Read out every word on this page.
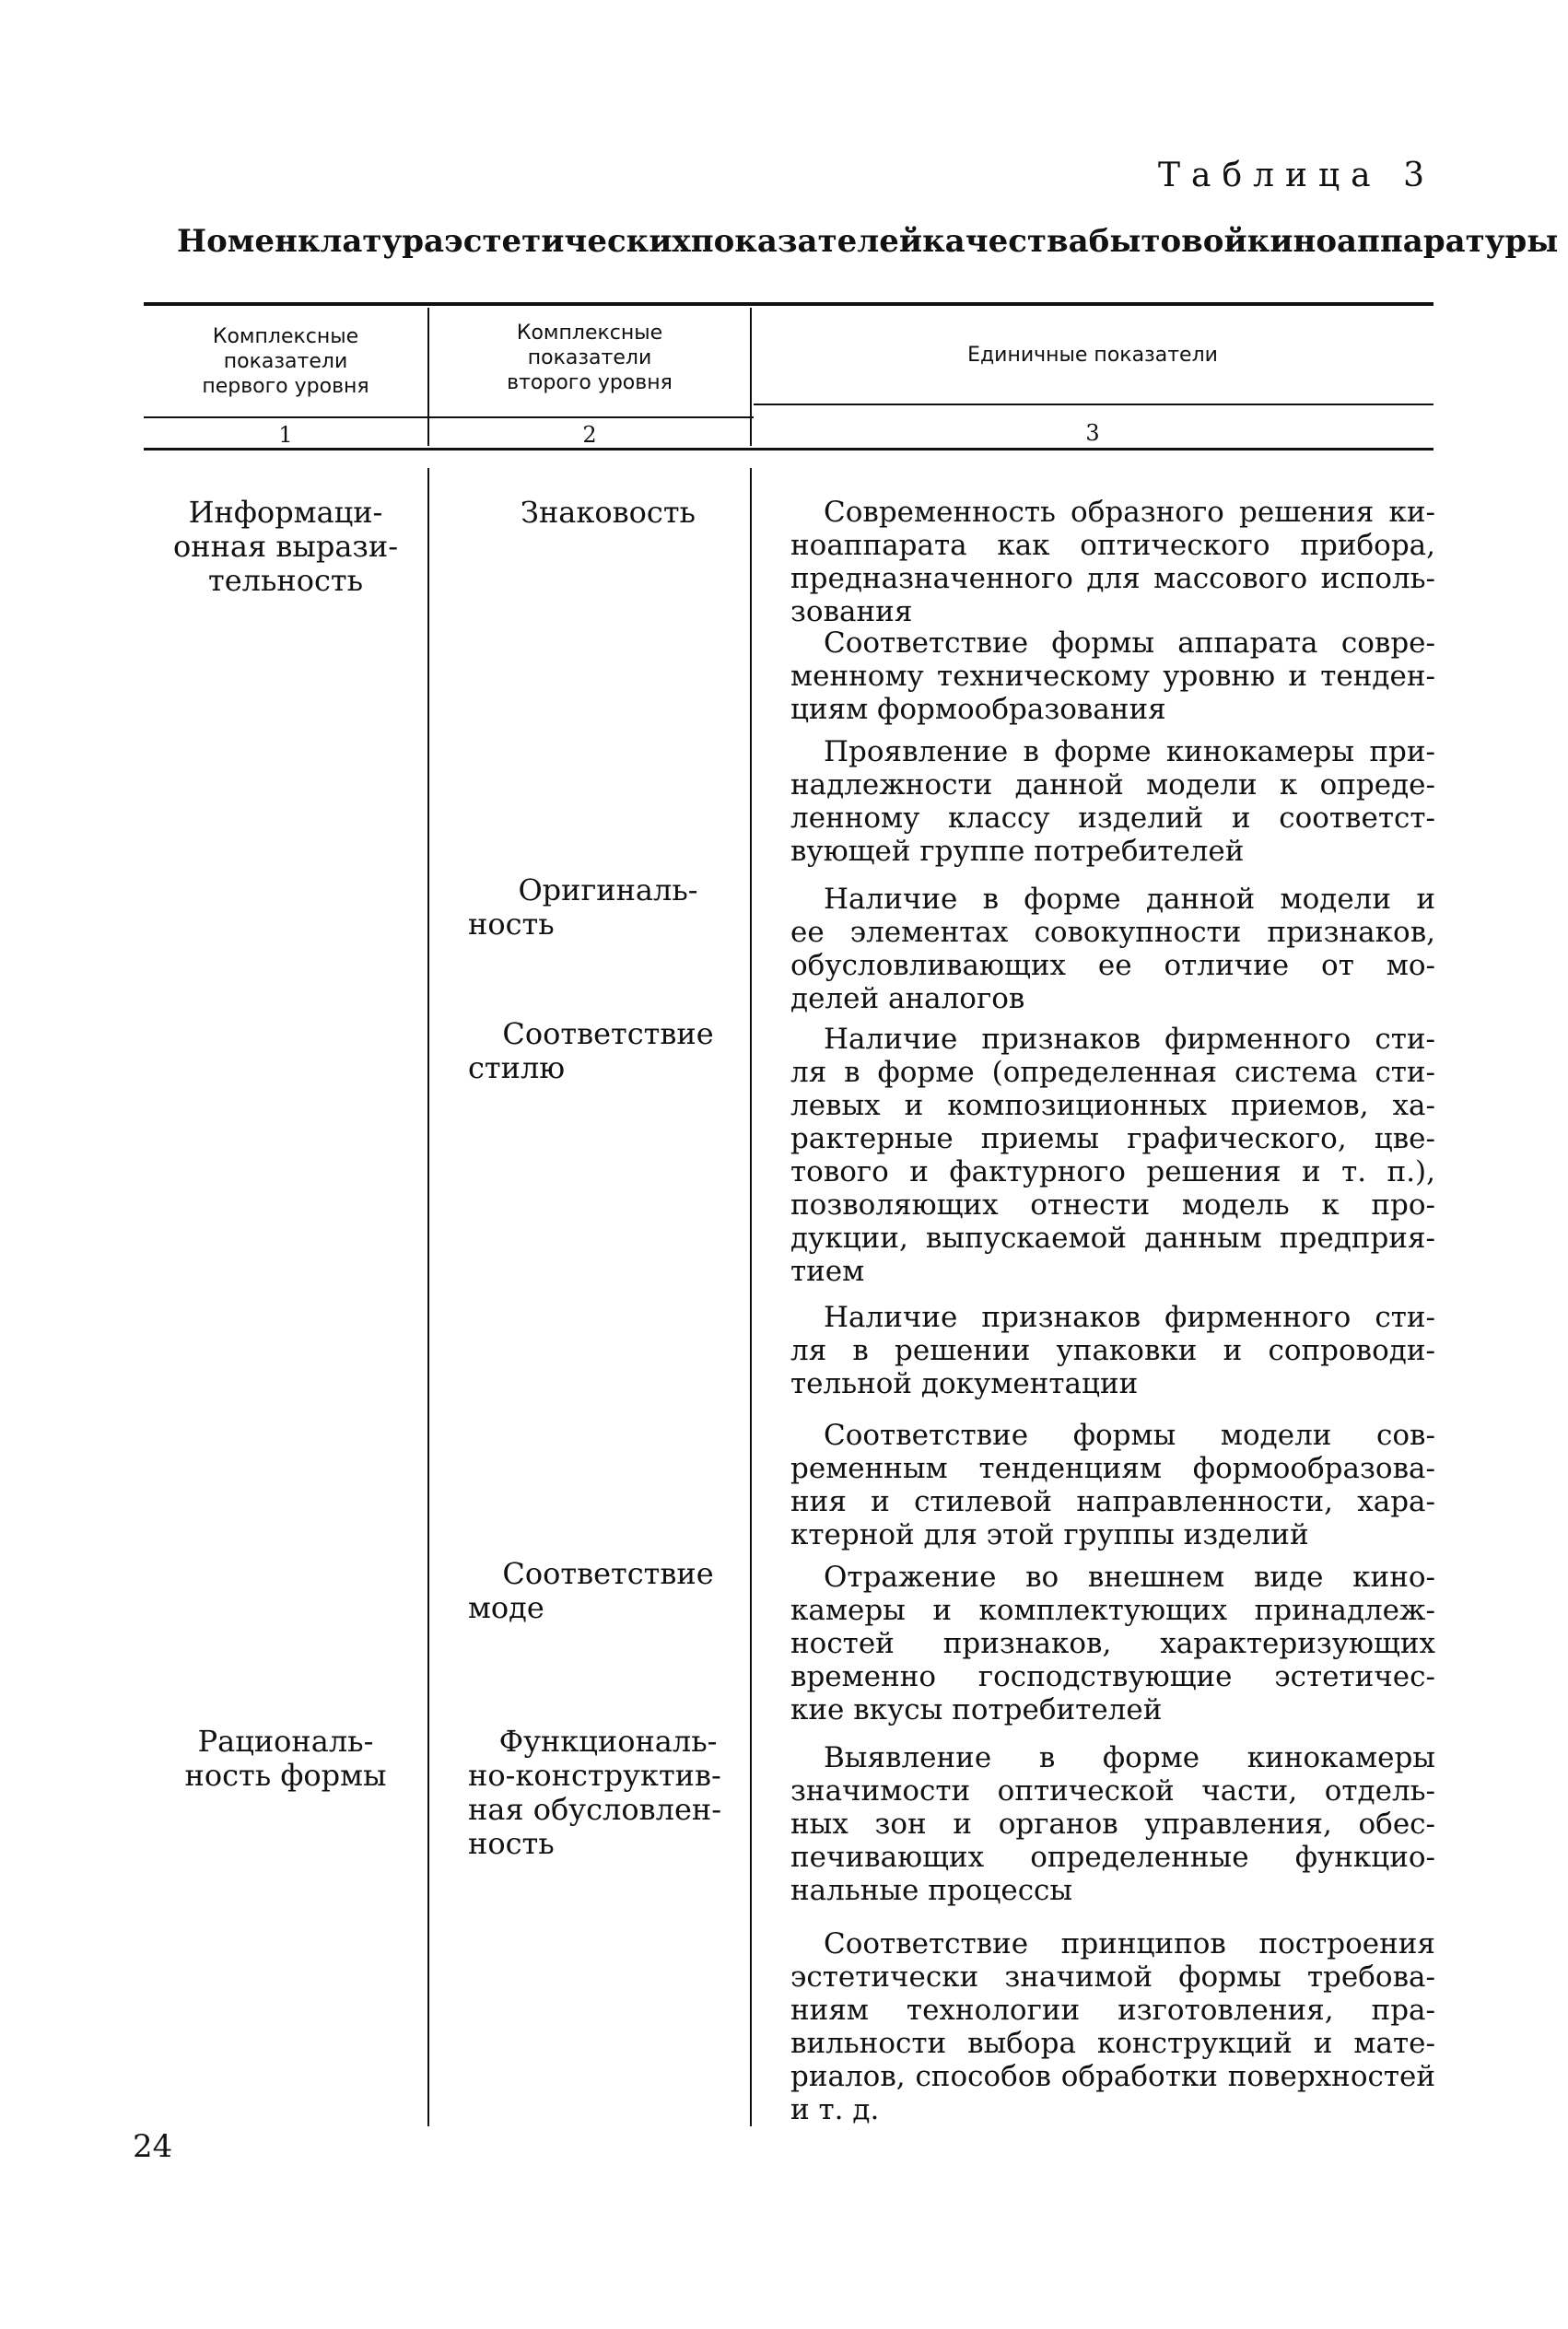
Таблица 3
Номенклатура эстетических показателей качества бытовой киноаппаратуры
Комплексные
показатели
первого уровня
Комплексные
показатели
второго уровня
Единичные показатели
1	2	3
Информаци-
онная вырази-
тельность
Рациональ-
ность формы
Знаковость
Оригиналь-
ность
Соответствие
стилю
Соответствие
моде
Функциональ-
но-конструктив-
ная обусловлен-
ность
Современность образного решения ки-
ноаппарата как оптического прибора,
предназначенного для массового исполь-
зования
Соответствие формы аппарата совре-
менному техническому уровню и тенден-
циям формообразования
Проявление в форме кинокамеры при-
надлежности данной модели к опреде-
ленному классу изделий и соответст-
вующей группе потребителей
Наличие в форме данной модели и
ее элементах совокупности признаков,
обусловливающих ее отличие от мо-
делей аналогов
Наличие признаков фирменного сти-
ля в форме (определенная система сти-
левых и композиционных приемов, ха-
рактерные приемы графического, цве-
тового и фактурного решения и т. п.),
позволяющих отнести модель к про-
дукции, выпускаемой данным предприя-
тием
Наличие признаков фирменного сти-
ля в решении упаковки и сопроводи-
тельной документации
Соответствие формы модели сов-
ременным тенденциям формообразова-
ния и стилевой направленности, хара-
ктерной для этой группы изделий
Отражение во внешнем виде кино-
камеры и комплектующих принадлеж-
ностей признаков, характеризующих
временно господствующие эстетичес-
кие вкусы потребителей
Выявление в форме кинокамеры
значимости оптической части, отдель-
ных зон и органов управления, обес-
печивающих определенные функцио-
нальные процессы
Соответствие принципов построения
эстетически значимой формы требова-
ниям технологии изготовления, пра-
вильности выбора конструкций и мате-
риалов, способов обработки поверхностей
и т. д.
24
